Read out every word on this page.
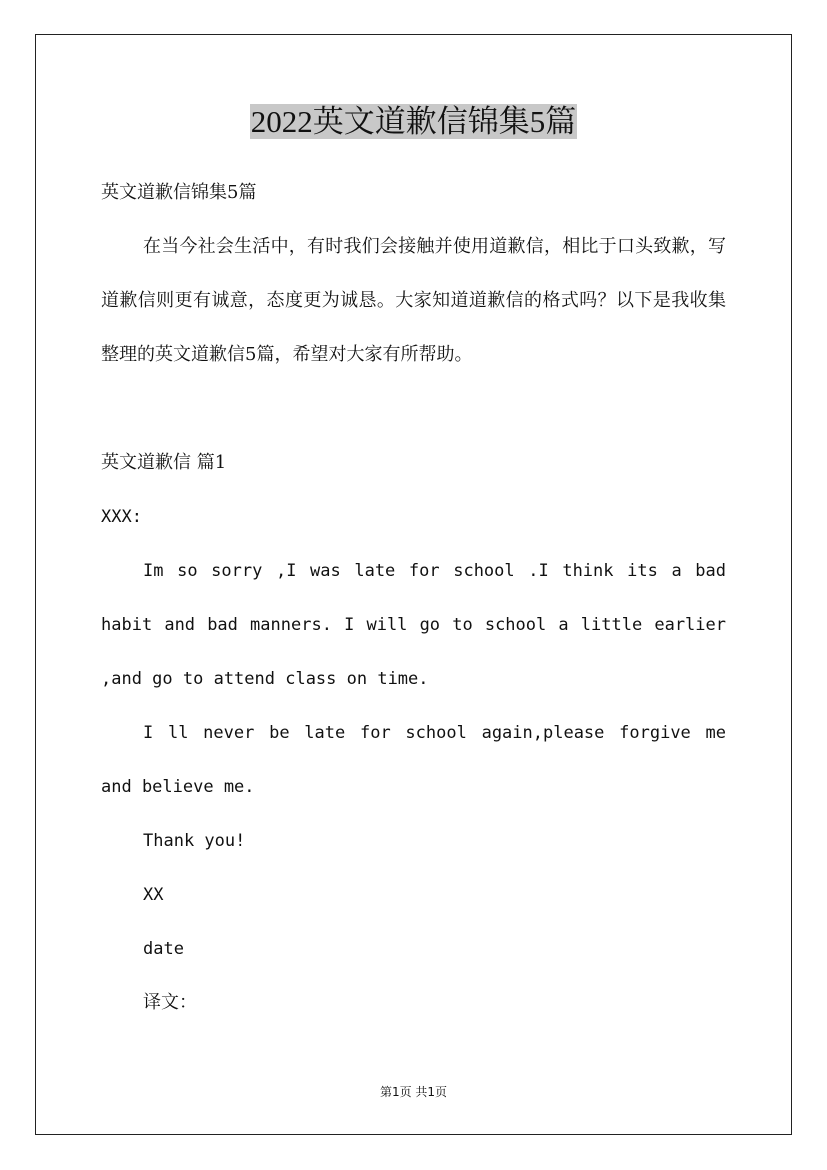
2022英文道歉信锦集5篇
英文道歉信锦集5篇
在当今社会生活中，有时我们会接触并使用道歉信，相比于口头致歉，写道歉信则更有诚意，态度更为诚恳。大家知道道歉信的格式吗？以下是我收集整理的英文道歉信5篇，希望对大家有所帮助。
英文道歉信 篇1
XXX:
Im so sorry ,I was late for school .I think its a bad habit and bad manners. I will go to school a little earlier ,and go to attend class on time.
I ll never be late for school again,please forgive me and believe me.
Thank you!
XX
date
译文：
第1页 共1页
